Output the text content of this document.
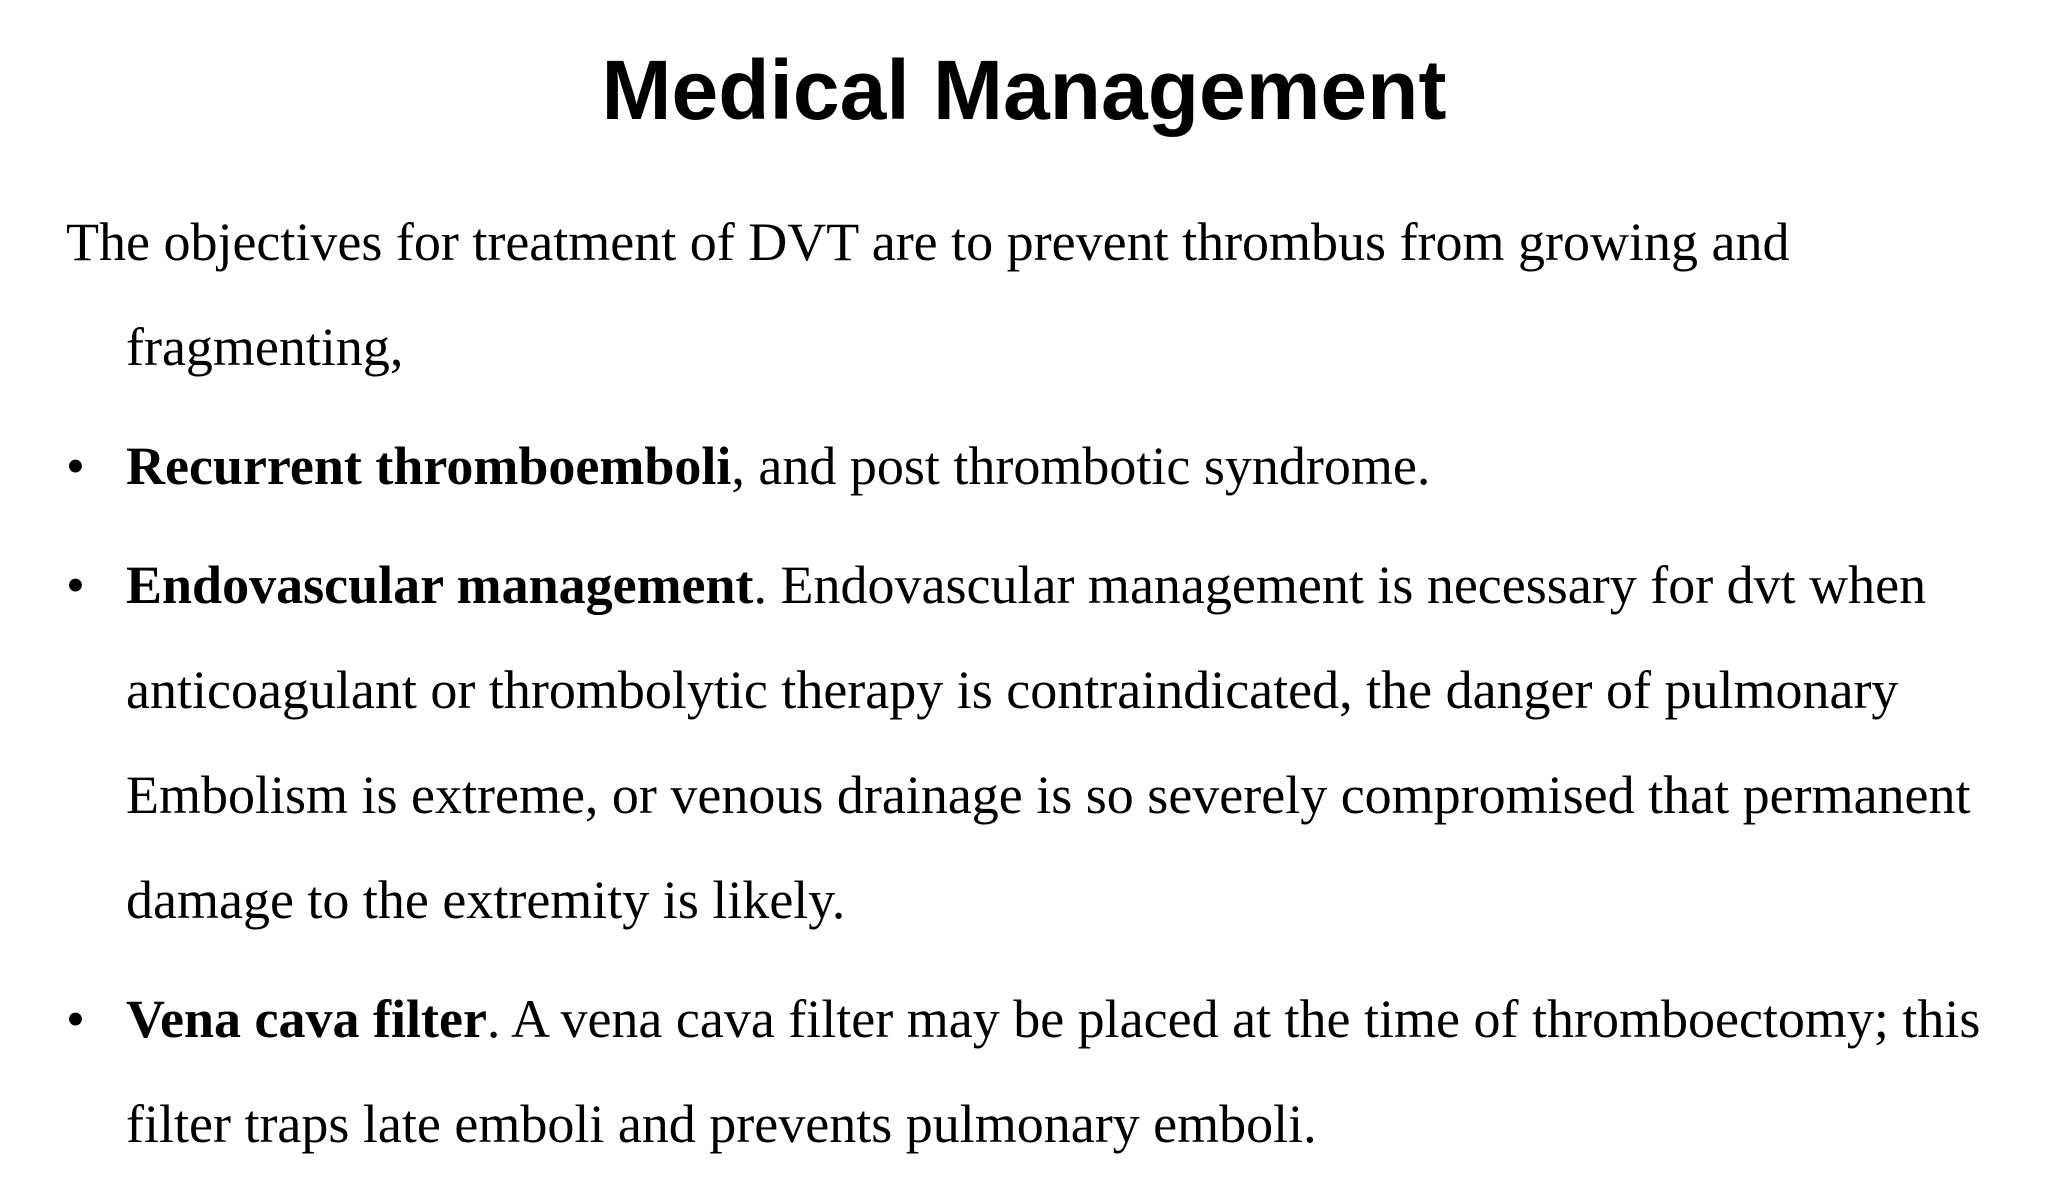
Medical Management

The objectives for treatment of DVT are to prevent thrombus from growing and fragmenting,

• Recurrent thromboemboli, and post thrombotic syndrome.
• Endovascular management. Endovascular management is necessary for dvt when anticoagulant or thrombolytic therapy is contraindicated, the danger of pulmonary Embolism is extreme, or venous drainage is so severely compromised that permanent damage to the extremity is likely.
• Vena cava filter. A vena cava filter may be placed at the time of thromboectomy; this filter traps late emboli and prevents pulmonary emboli.
